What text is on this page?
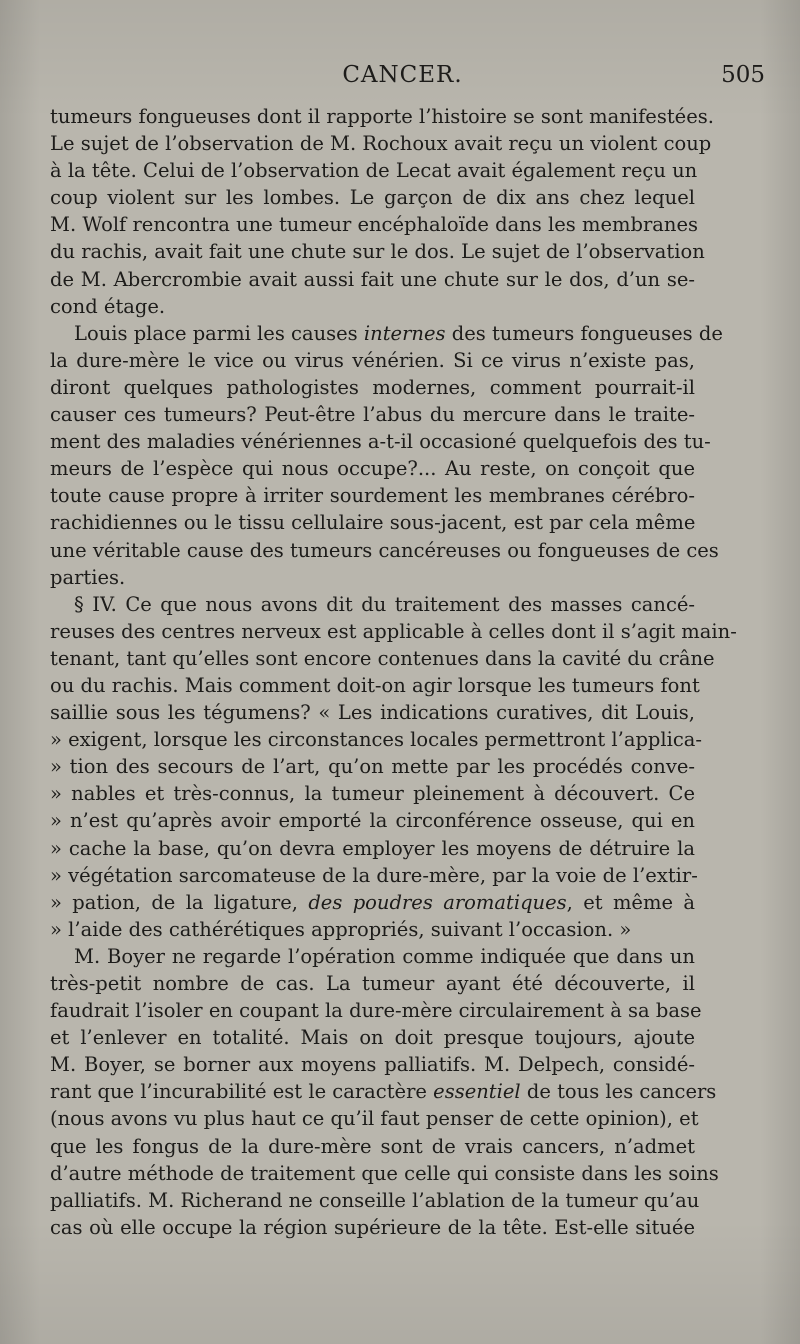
CANCER.	505
tumeurs fongueuses dont il rapporte l’histoire se sont manifestées.
Le sujet de l’observation de M. Rochoux avait reçu un violent coup
à la tête. Celui de l’observation de Lecat avait également reçu un
coup violent sur les lombes. Le garçon de dix ans chez lequel
M. Wolf rencontra une tumeur encéphaloïde dans les membranes
du rachis, avait fait une chute sur le dos. Le sujet de l’observation
de M. Abercrombie avait aussi fait une chute sur le dos, d’un se-
cond étage.
Louis place parmi les causes internes des tumeurs fongueuses de
la dure-mère le vice ou virus vénérien. Si ce virus n’existe pas,
diront quelques pathologistes modernes, comment pourrait-il
causer ces tumeurs? Peut-être l’abus du mercure dans le traite-
ment des maladies vénériennes a-t-il occasioné quelquefois des tu-
meurs de l’espèce qui nous occupe?... Au reste, on conçoit que
toute cause propre à irriter sourdement les membranes cérébro-
rachidiennes ou le tissu cellulaire sous-jacent, est par cela même
une véritable cause des tumeurs cancéreuses ou fongueuses de ces
parties.
§ IV. Ce que nous avons dit du traitement des masses cancé-
reuses des centres nerveux est applicable à celles dont il s’agit main-
tenant, tant qu’elles sont encore contenues dans la cavité du crâne
ou du rachis. Mais comment doit-on agir lorsque les tumeurs font
saillie sous les tégumens? « Les indications curatives, dit Louis,
» exigent, lorsque les circonstances locales permettront l’applica-
» tion des secours de l’art, qu’on mette par les procédés conve-
» nables et très-connus, la tumeur pleinement à découvert. Ce
» n’est qu’après avoir emporté la circonférence osseuse, qui en
» cache la base, qu’on devra employer les moyens de détruire la
» végétation sarcomateuse de la dure-mère, par la voie de l’extir-
» pation, de la ligature, des poudres aromatiques, et même à
» l’aide des cathérétiques appropriés, suivant l’occasion. »
M. Boyer ne regarde l’opération comme indiquée que dans un
très-petit nombre de cas. La tumeur ayant été découverte, il
faudrait l’isoler en coupant la dure-mère circulairement à sa base
et l’enlever en totalité. Mais on doit presque toujours, ajoute
M. Boyer, se borner aux moyens palliatifs. M. Delpech, considé-
rant que l’incurabilité est le caractère essentiel de tous les cancers
(nous avons vu plus haut ce qu’il faut penser de cette opinion), et
que les fongus de la dure-mère sont de vrais cancers, n’admet
d’autre méthode de traitement que celle qui consiste dans les soins
palliatifs. M. Richerand ne conseille l’ablation de la tumeur qu’au
cas où elle occupe la région supérieure de la tête. Est-elle située
